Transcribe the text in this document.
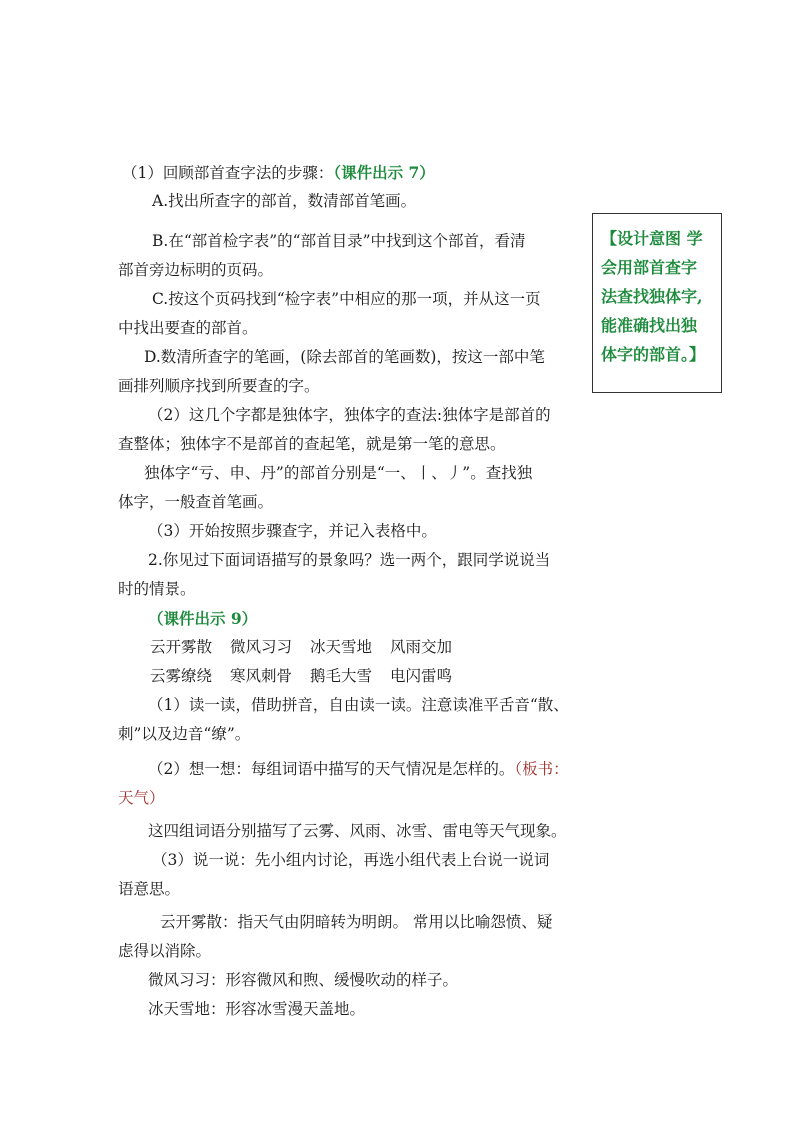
（1）回顾部首查字法的步骤：（课件出示 7）
A.找出所查字的部首，数清部首笔画。
B.在“部首检字表”的“部首目录”中找到这个部首，看清
部首旁边标明的页码。
C.按这个页码找到“检字表”中相应的那一项，并从这一页
中找出要查的部首。
D.数清所查字的笔画，(除去部首的笔画数)，按这一部中笔
画排列顺序找到所要查的字。
（2）这几个字都是独体字，独体字的查法:独体字是部首的
查整体；独体字不是部首的查起笔，就是第一笔的意思。
独体字“亏、申、丹”的部首分别是“一、丨、丿”。查找独
体字，一般查首笔画。
（3）开始按照步骤查字，并记入表格中。
2.你见过下面词语描写的景象吗？选一两个，跟同学说说当
时的情景。
（课件出示 9）
云开雾散 微风习习 冰天雪地 风雨交加
云雾缭绕 寒风刺骨 鹅毛大雪 电闪雷鸣
（1）读一读，借助拼音，自由读一读。注意读准平舌音“散、
刺”以及边音“缭”。
（2）想一想：每组词语中描写的天气情况是怎样的。（板书：
天气）
这四组词语分别描写了云雾、风雨、冰雪、雷电等天气现象。
（3）说一说：先小组内讨论，再选小组代表上台说一说词
语意思。
云开雾散：指天气由阴暗转为明朗。 常用以比喻怨愤、疑
虑得以消除。
微风习习：形容微风和煦、缓慢吹动的样子。
冰天雪地：形容冰雪漫天盖地。
【设计意图 学
会用部首查字
法查找独体字,
能准确找出独
体字的部首。】
